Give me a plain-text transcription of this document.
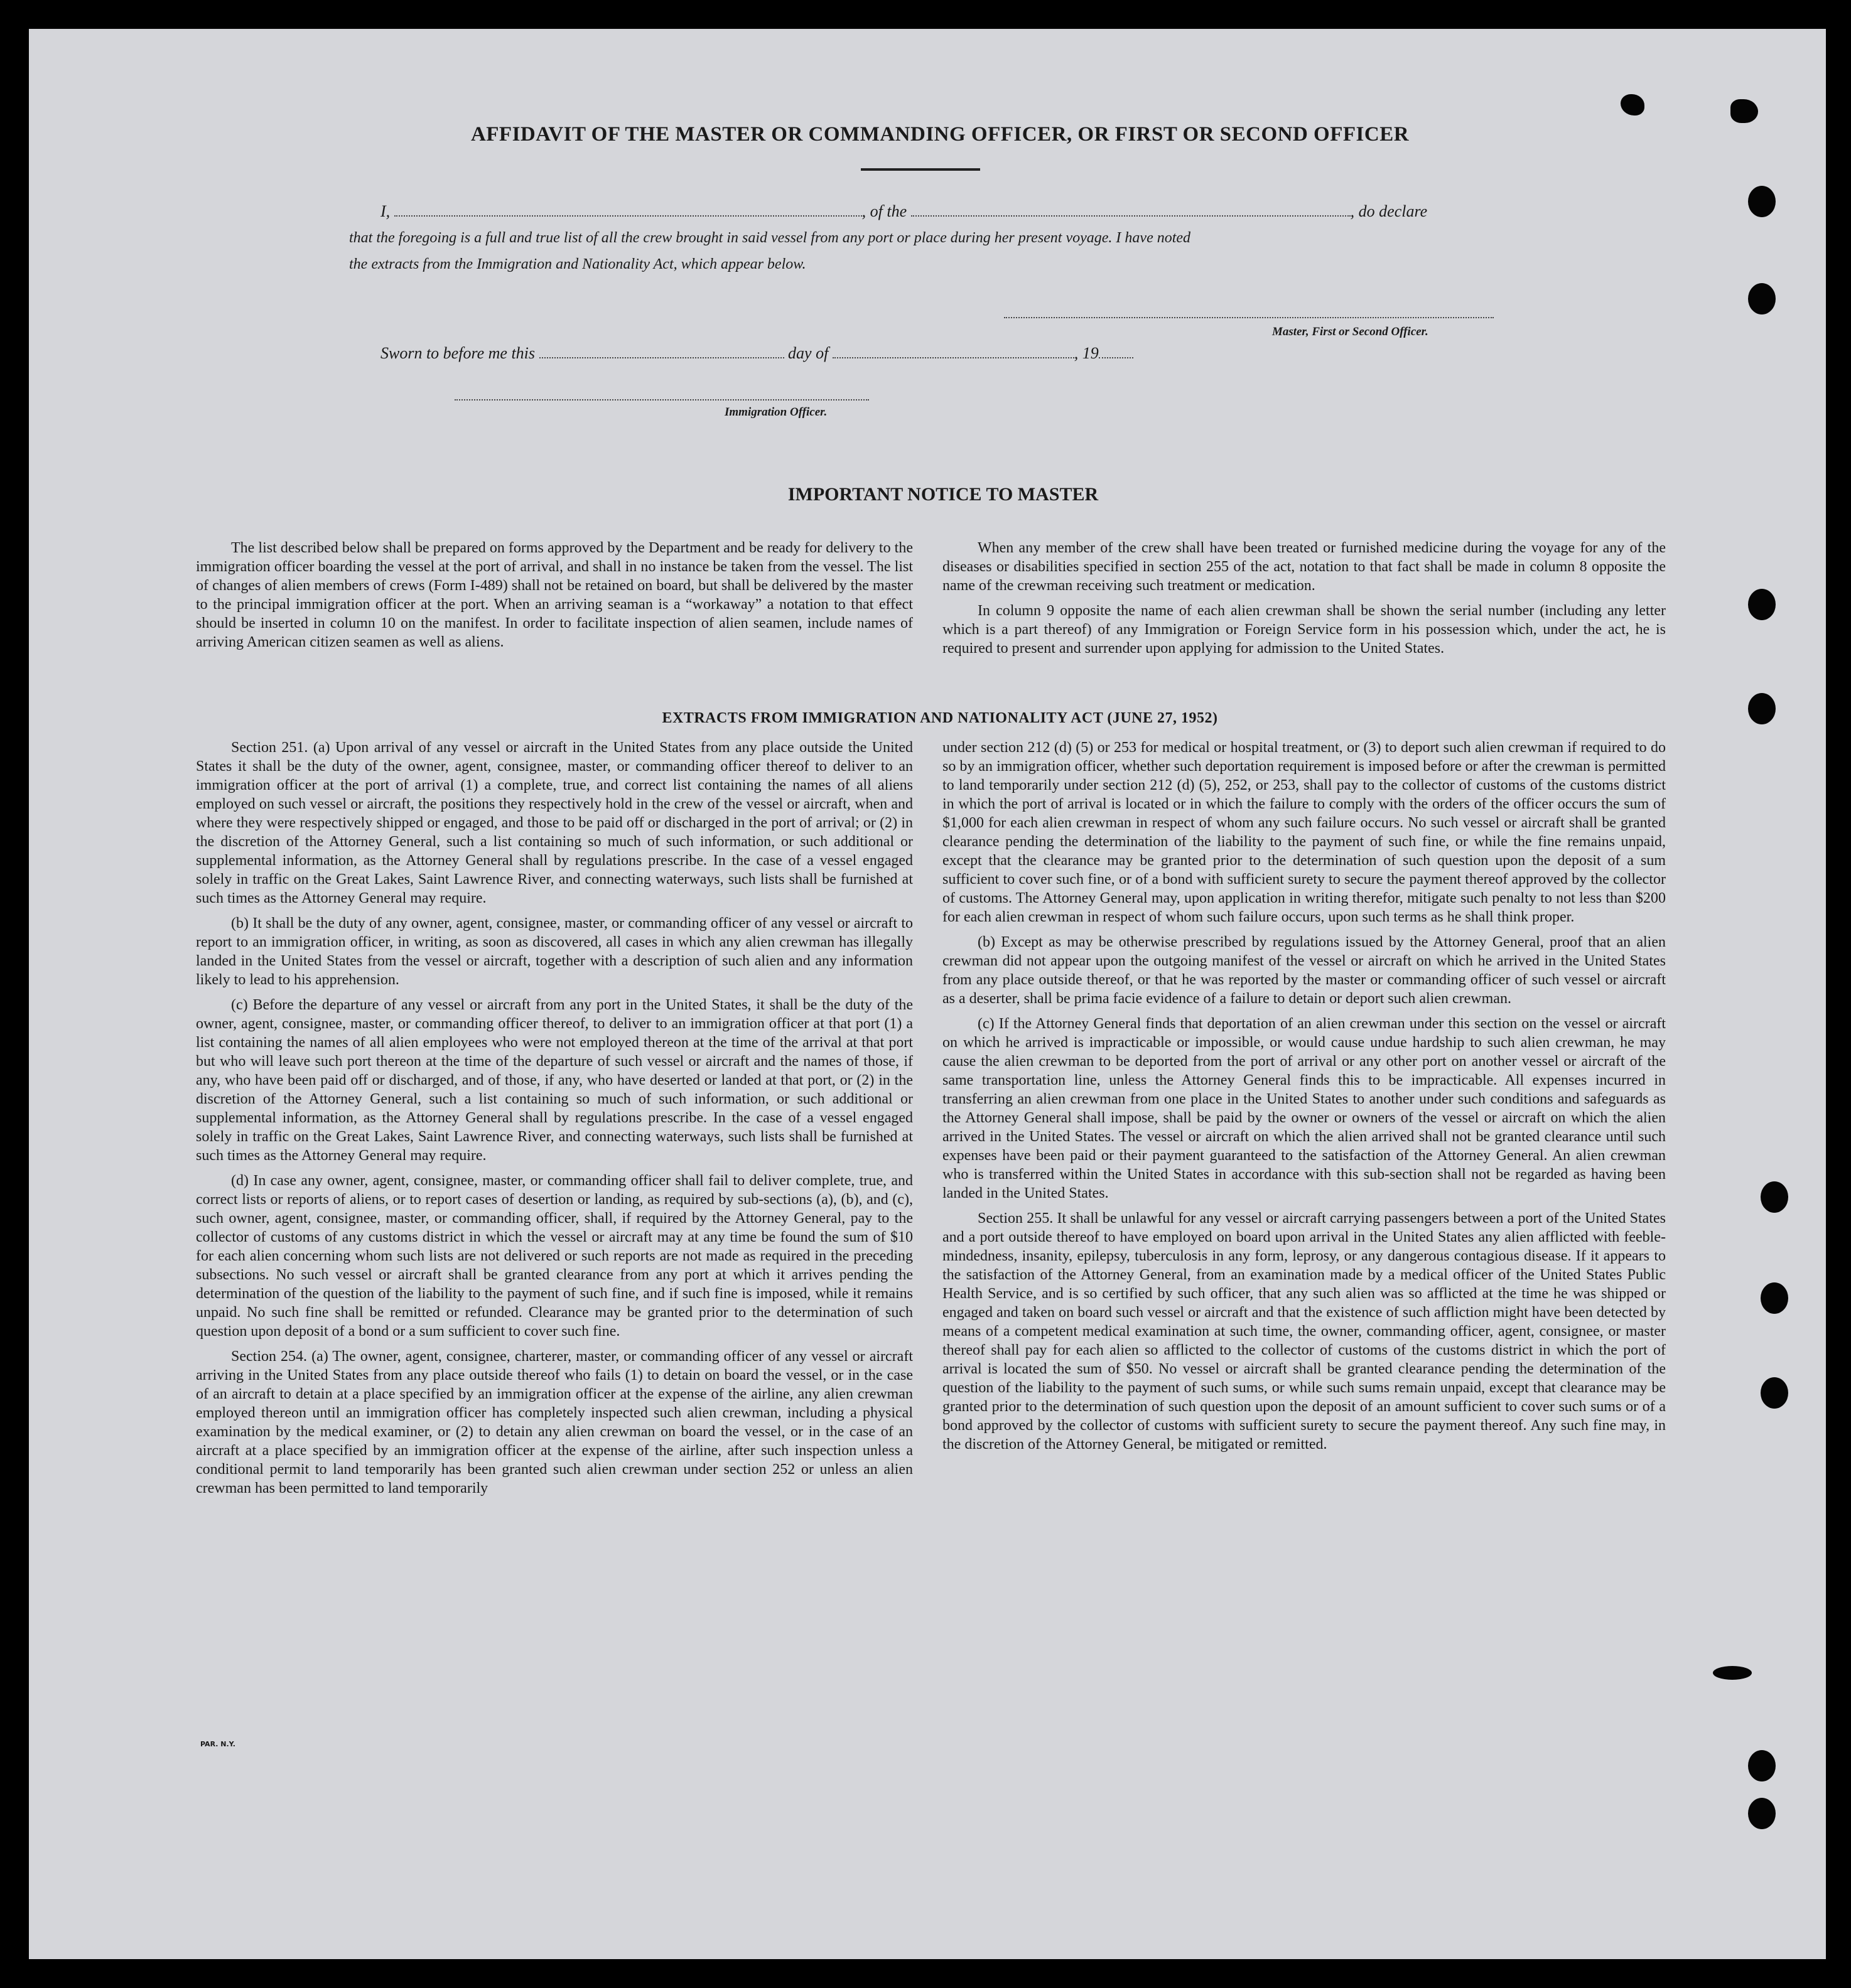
AFFIDAVIT OF THE MASTER OR COMMANDING OFFICER, OR FIRST OR SECOND OFFICER
I,	, of the	, do declare
that the foregoing is a full and true list of all the crew brought in said vessel from any port or place during her present voyage. I have noted
the extracts from the Immigration and Nationality Act, which appear below.
Master, First or Second Officer.
Sworn to before me this	day of	, 19
Immigration Officer.
IMPORTANT NOTICE TO MASTER

The list described below shall be prepared on forms approved by the Department and be ready for delivery to the immigration officer boarding the vessel at the port of arrival, and shall in no instance be taken from the vessel. The list of changes of alien members of crews (Form I-489) shall not be retained on board, but shall be delivered by the master to the principal immigration officer at the port. When an arriving seaman is a “workaway” a notation to that effect should be inserted in column 10 on the manifest. In order to facilitate inspection of alien seamen, include names of arriving American citizen seamen as well as aliens.

When any member of the crew shall have been treated or furnished medicine during the voyage for any of the diseases or disabilities specified in section 255 of the act, notation to that fact shall be made in column 8 opposite the name of the crewman receiving such treatment or medication.

In column 9 opposite the name of each alien crewman shall be shown the serial number (including any letter which is a part thereof) of any Immigration or Foreign Service form in his possession which, under the act, he is required to present and surrender upon applying for admission to the United States.

EXTRACTS FROM IMMIGRATION AND NATIONALITY ACT (JUNE 27, 1952)

Section 251. (a) Upon arrival of any vessel or aircraft in the United States from any place outside the United States it shall be the duty of the owner, agent, consignee, master, or commanding officer thereof to deliver to an immigration officer at the port of arrival (1) a complete, true, and correct list containing the names of all aliens employed on such vessel or aircraft, the positions they respectively hold in the crew of the vessel or aircraft, when and where they were respectively shipped or engaged, and those to be paid off or discharged in the port of arrival; or (2) in the discretion of the Attorney General, such a list containing so much of such information, or such additional or supplemental information, as the Attorney General shall by regulations prescribe. In the case of a vessel engaged solely in traffic on the Great Lakes, Saint Lawrence River, and connecting waterways, such lists shall be furnished at such times as the Attorney General may require.

(b) It shall be the duty of any owner, agent, consignee, master, or commanding officer of any vessel or aircraft to report to an immigration officer, in writing, as soon as discovered, all cases in which any alien crewman has illegally landed in the United States from the vessel or aircraft, together with a description of such alien and any information likely to lead to his apprehension.

(c) Before the departure of any vessel or aircraft from any port in the United States, it shall be the duty of the owner, agent, consignee, master, or commanding officer thereof, to deliver to an immigration officer at that port (1) a list containing the names of all alien employees who were not employed thereon at the time of the arrival at that port but who will leave such port thereon at the time of the departure of such vessel or aircraft and the names of those, if any, who have been paid off or discharged, and of those, if any, who have deserted or landed at that port, or (2) in the discretion of the Attorney General, such a list containing so much of such information, or such additional or supplemental information, as the Attorney General shall by regulations prescribe. In the case of a vessel engaged solely in traffic on the Great Lakes, Saint Lawrence River, and connecting waterways, such lists shall be furnished at such times as the Attorney General may require.

(d) In case any owner, agent, consignee, master, or commanding officer shall fail to deliver complete, true, and correct lists or reports of aliens, or to report cases of desertion or landing, as required by sub-sections (a), (b), and (c), such owner, agent, consignee, master, or commanding officer, shall, if required by the Attorney General, pay to the collector of customs of any customs district in which the vessel or aircraft may at any time be found the sum of $10 for each alien concerning whom such lists are not delivered or such reports are not made as required in the preceding subsections. No such vessel or aircraft shall be granted clearance from any port at which it arrives pending the determination of the question of the liability to the payment of such fine, and if such fine is imposed, while it remains unpaid. No such fine shall be remitted or refunded. Clearance may be granted prior to the determination of such question upon deposit of a bond or a sum sufficient to cover such fine.

Section 254. (a) The owner, agent, consignee, charterer, master, or commanding officer of any vessel or aircraft arriving in the United States from any place outside thereof who fails (1) to detain on board the vessel, or in the case of an aircraft to detain at a place specified by an immigration officer at the expense of the airline, any alien crewman employed thereon until an immigration officer has completely inspected such alien crewman, including a physical examination by the medical examiner, or (2) to detain any alien crewman on board the vessel, or in the case of an aircraft at a place specified by an immigration officer at the expense of the airline, after such inspection unless a conditional permit to land temporarily has been granted such alien crewman under section 252 or unless an alien crewman has been permitted to land temporarily

under section 212 (d) (5) or 253 for medical or hospital treatment, or (3) to deport such alien crewman if required to do so by an immigration officer, whether such deportation requirement is imposed before or after the crewman is permitted to land temporarily under section 212 (d) (5), 252, or 253, shall pay to the collector of customs of the customs district in which the port of arrival is located or in which the failure to comply with the orders of the officer occurs the sum of $1,000 for each alien crewman in respect of whom any such failure occurs. No such vessel or aircraft shall be granted clearance pending the determination of the liability to the payment of such fine, or while the fine remains unpaid, except that the clearance may be granted prior to the determination of such question upon the deposit of a sum sufficient to cover such fine, or of a bond with sufficient surety to secure the payment thereof approved by the collector of customs. The Attorney General may, upon application in writing therefor, mitigate such penalty to not less than $200 for each alien crewman in respect of whom such failure occurs, upon such terms as he shall think proper.

(b) Except as may be otherwise prescribed by regulations issued by the Attorney General, proof that an alien crewman did not appear upon the outgoing manifest of the vessel or aircraft on which he arrived in the United States from any place outside thereof, or that he was reported by the master or commanding officer of such vessel or aircraft as a deserter, shall be prima facie evidence of a failure to detain or deport such alien crewman.

(c) If the Attorney General finds that deportation of an alien crewman under this section on the vessel or aircraft on which he arrived is impracticable or impossible, or would cause undue hardship to such alien crewman, he may cause the alien crewman to be deported from the port of arrival or any other port on another vessel or aircraft of the same transportation line, unless the Attorney General finds this to be impracticable. All expenses incurred in transferring an alien crewman from one place in the United States to another under such conditions and safeguards as the Attorney General shall impose, shall be paid by the owner or owners of the vessel or aircraft on which the alien arrived in the United States. The vessel or aircraft on which the alien arrived shall not be granted clearance until such expenses have been paid or their payment guaranteed to the satisfaction of the Attorney General. An alien crewman who is transferred within the United States in accordance with this sub-section shall not be regarded as having been landed in the United States.

Section 255. It shall be unlawful for any vessel or aircraft carrying passengers between a port of the United States and a port outside thereof to have employed on board upon arrival in the United States any alien afflicted with feeble-mindedness, insanity, epilepsy, tuberculosis in any form, leprosy, or any dangerous contagious disease. If it appears to the satisfaction of the Attorney General, from an examination made by a medical officer of the United States Public Health Service, and is so certified by such officer, that any such alien was so afflicted at the time he was shipped or engaged and taken on board such vessel or aircraft and that the existence of such affliction might have been detected by means of a competent medical examination at such time, the owner, commanding officer, agent, consignee, or master thereof shall pay for each alien so afflicted to the collector of customs of the customs district in which the port of arrival is located the sum of $50. No vessel or aircraft shall be granted clearance pending the determination of the question of the liability to the payment of such sums, or while such sums remain unpaid, except that clearance may be granted prior to the determination of such question upon the deposit of an amount sufficient to cover such sums or of a bond approved by the collector of customs with sufficient surety to secure the payment thereof. Any such fine may, in the discretion of the Attorney General, be mitigated or remitted.

PAR. N.Y.
